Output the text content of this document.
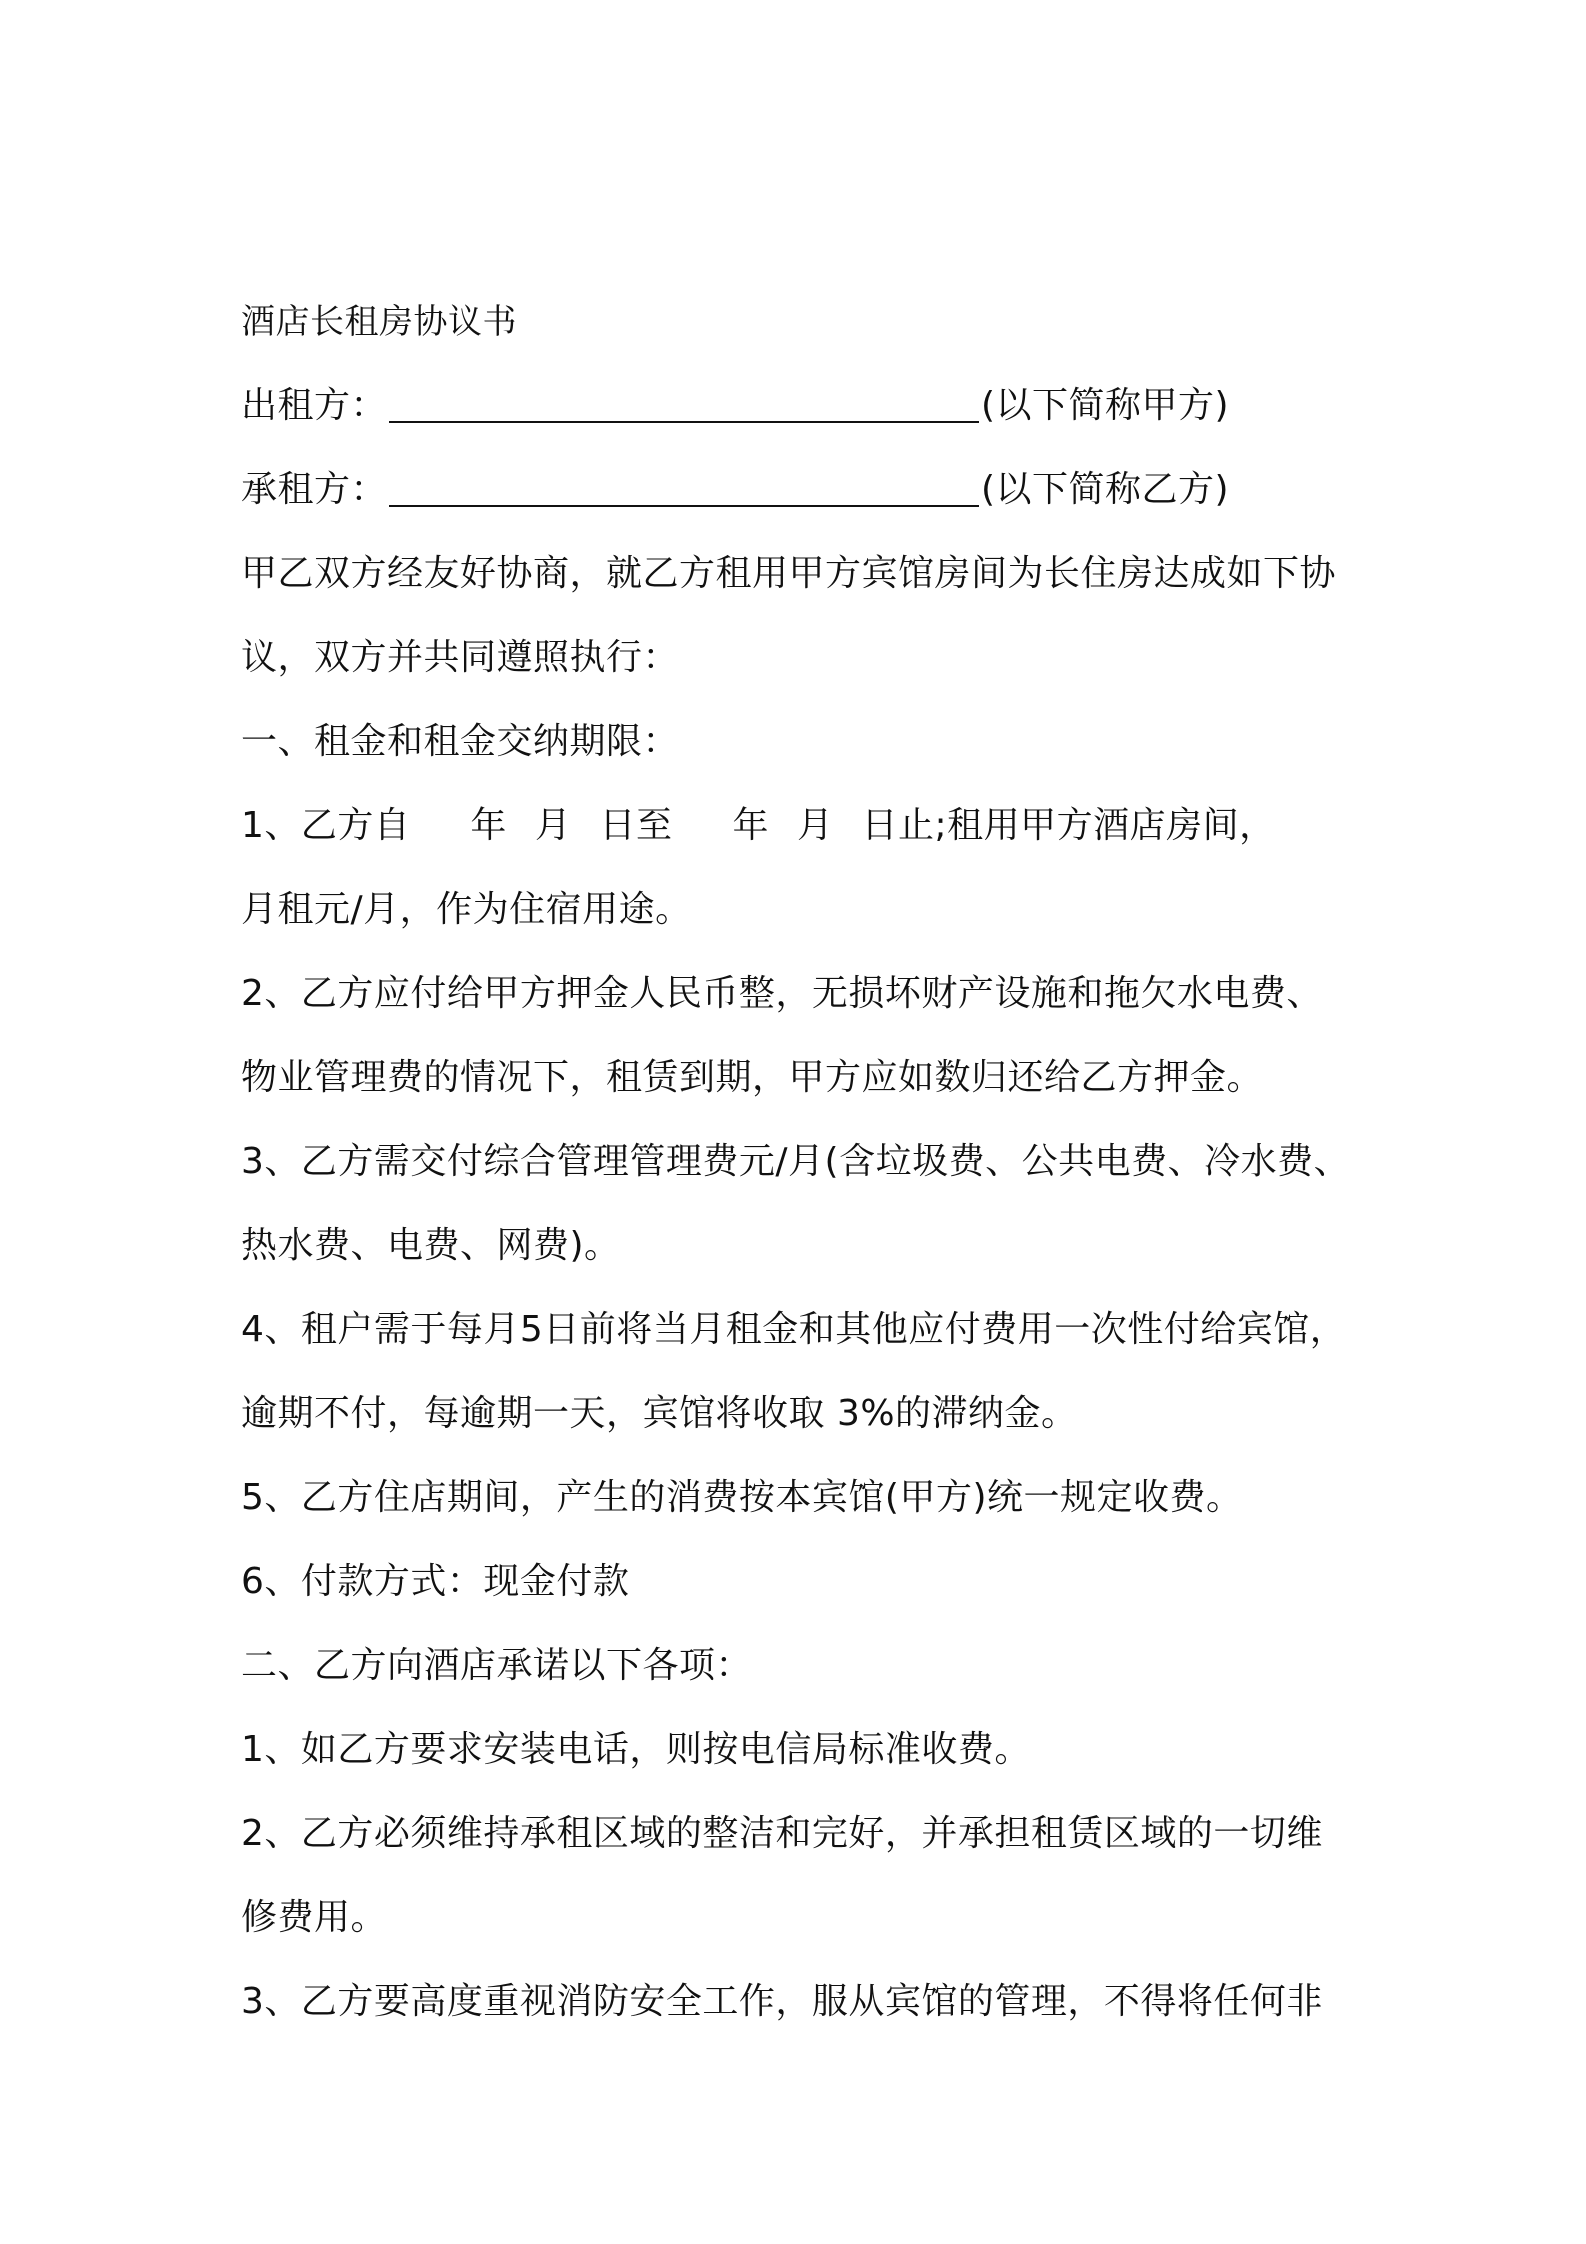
酒店长租房协议书
出租方：	(以下简称甲方)
承租方：	(以下简称乙方)
甲乙双方经友好协商，就乙方租用甲方宾馆房间为长住房达成如下协
议，双方并共同遵照执行：
一、租金和租金交纳期限：
1、乙方自 年 月 日至 年 月 日止;租用甲方酒店房间，
月租元/月，作为住宿用途。
2、乙方应付给甲方押金人民币整，无损坏财产设施和拖欠水电费、
物业管理费的情况下，租赁到期，甲方应如数归还给乙方押金。
3、乙方需交付综合管理管理费元/月(含垃圾费、公共电费、冷水费、
热水费、电费、网费)。
4、租户需于每月5日前将当月租金和其他应付费用一次性付给宾馆，
逾期不付，每逾期一天，宾馆将收取 3%的滞纳金。
5、乙方住店期间，产生的消费按本宾馆(甲方)统一规定收费。
6、付款方式：现金付款
二、乙方向酒店承诺以下各项：
1、如乙方要求安装电话，则按电信局标准收费。
2、乙方必须维持承租区域的整洁和完好，并承担租赁区域的一切维
修费用。
3、乙方要高度重视消防安全工作，服从宾馆的管理，不得将任何非
